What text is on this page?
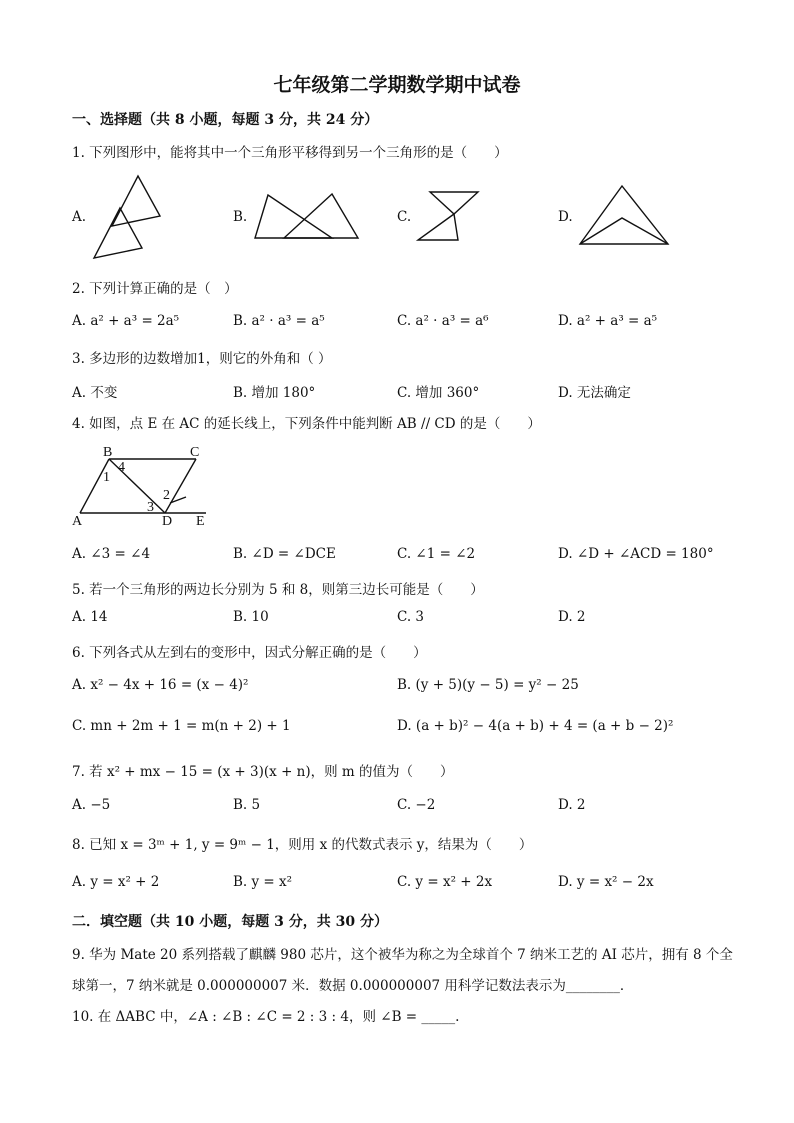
七年级第二学期数学期中试卷
一、选择题（共 8 小题，每题 3 分，共 24 分）
1. 下列图形中，能将其中一个三角形平移得到另一个三角形的是（　　）
A.	B.	C.	D.
2. 下列计算正确的是（　）
A. a² + a³ = 2a⁵	B. a² · a³ = a⁵	C. a² · a³ = a⁶	D. a² + a³ = a⁵
3. 多边形的边数增加1，则它的外角和（ ）
A. 不变	B. 增加 180°	C. 增加 360°	D. 无法确定
4. 如图，点 E 在 AC 的延长线上，下列条件中能判断 AB // CD 的是（　　）
B	C
4
1
2
3
A	D E
A. ∠3 = ∠4	B. ∠D = ∠DCE	C. ∠1 = ∠2	D. ∠D + ∠ACD = 180°
5. 若一个三角形的两边长分别为 5 和 8，则第三边长可能是（　　）
A. 14	B. 10	C. 3	D. 2
6. 下列各式从左到右的变形中，因式分解正确的是（　　）
A. x² − 4x + 16 = (x − 4)²	B. (y + 5)(y − 5) = y² − 25
C. mn + 2m + 1 = m(n + 2) + 1	D. (a + b)² − 4(a + b) + 4 = (a + b − 2)²
7. 若 x² + mx − 15 = (x + 3)(x + n)，则 m 的值为（　　）
A. −5	B. 5	C. −2	D. 2
8. 已知 x = 3ᵐ + 1, y = 9ᵐ − 1，则用 x 的代数式表示 y，结果为（　　）
A. y = x² + 2	B. y = x²	C. y = x² + 2x	D. y = x² − 2x
二．填空题（共 10 小题，每题 3 分，共 30 分）
9. 华为 Mate 20 系列搭载了麒麟 980 芯片，这个被华为称之为全球首个 7 纳米工艺的 AI 芯片，拥有 8 个全
球第一，7 纳米就是 0.000000007 米．数据 0.000000007 用科学记数法表示为________．
10. 在 ΔABC 中，∠A : ∠B : ∠C = 2 : 3 : 4，则 ∠B = _____.
